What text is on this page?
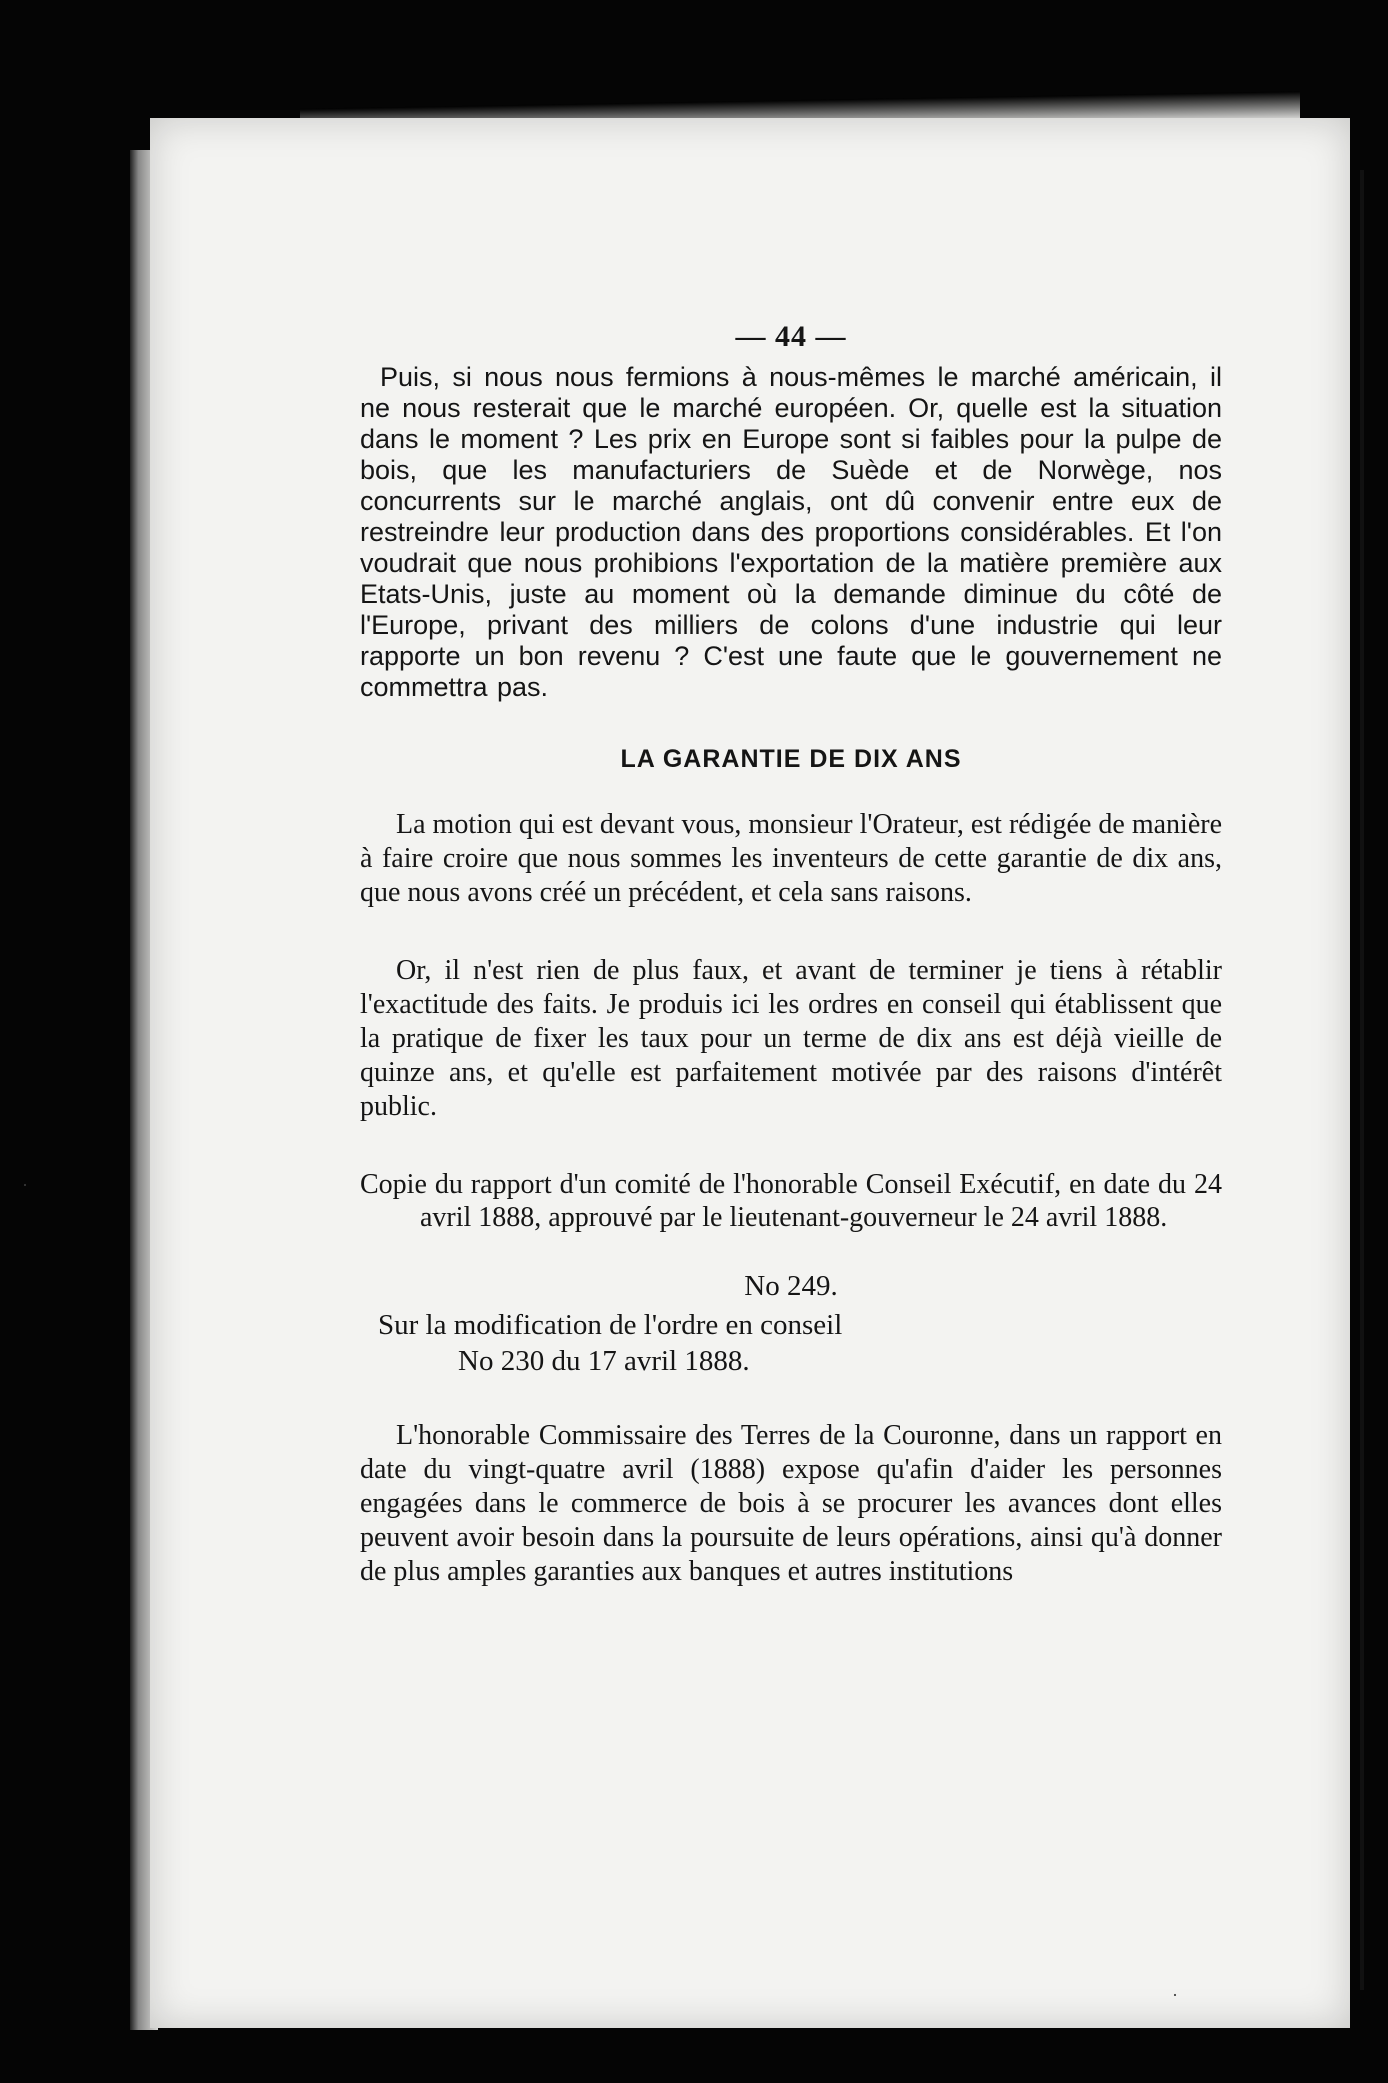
— 44 —

Puis, si nous nous fermions à nous-mêmes le marché américain, il ne nous resterait que le marché européen. Or, quelle est la situation dans le moment ? Les prix en Europe sont si faibles pour la pulpe de bois, que les manufacturiers de Suède et de Norwège, nos concurrents sur le marché anglais, ont dû convenir entre eux de restreindre leur production dans des proportions considérables. Et l'on voudrait que nous prohibions l'exportation de la matière première aux Etats-Unis, juste au moment où la demande diminue du côté de l'Europe, privant des milliers de colons d'une industrie qui leur rapporte un bon revenu ? C'est une faute que le gouvernement ne commettra pas.

LA GARANTIE DE DIX ANS

La motion qui est devant vous, monsieur l'Orateur, est rédigée de manière à faire croire que nous sommes les inventeurs de cette garantie de dix ans, que nous avons créé un précédent, et cela sans raisons.

Or, il n'est rien de plus faux, et avant de terminer je tiens à rétablir l'exactitude des faits. Je produis ici les ordres en conseil qui établissent que la pratique de fixer les taux pour un terme de dix ans est déjà vieille de quinze ans, et qu'elle est parfaitement motivée par des raisons d'intérêt public.

Copie du rapport d'un comité de l'honorable Conseil Exécutif, en date du 24 avril 1888, approuvé par le lieutenant-gouverneur le 24 avril 1888.

No 249.
Sur la modification de l'ordre en conseil
No 230 du 17 avril 1888.

L'honorable Commissaire des Terres de la Couronne, dans un rapport en date du vingt-quatre avril (1888) expose qu'afin d'aider les personnes engagées dans le commerce de bois à se procurer les avances dont elles peuvent avoir besoin dans la poursuite de leurs opérations, ainsi qu'à donner de plus amples garanties aux banques et autres institutions

·
·
